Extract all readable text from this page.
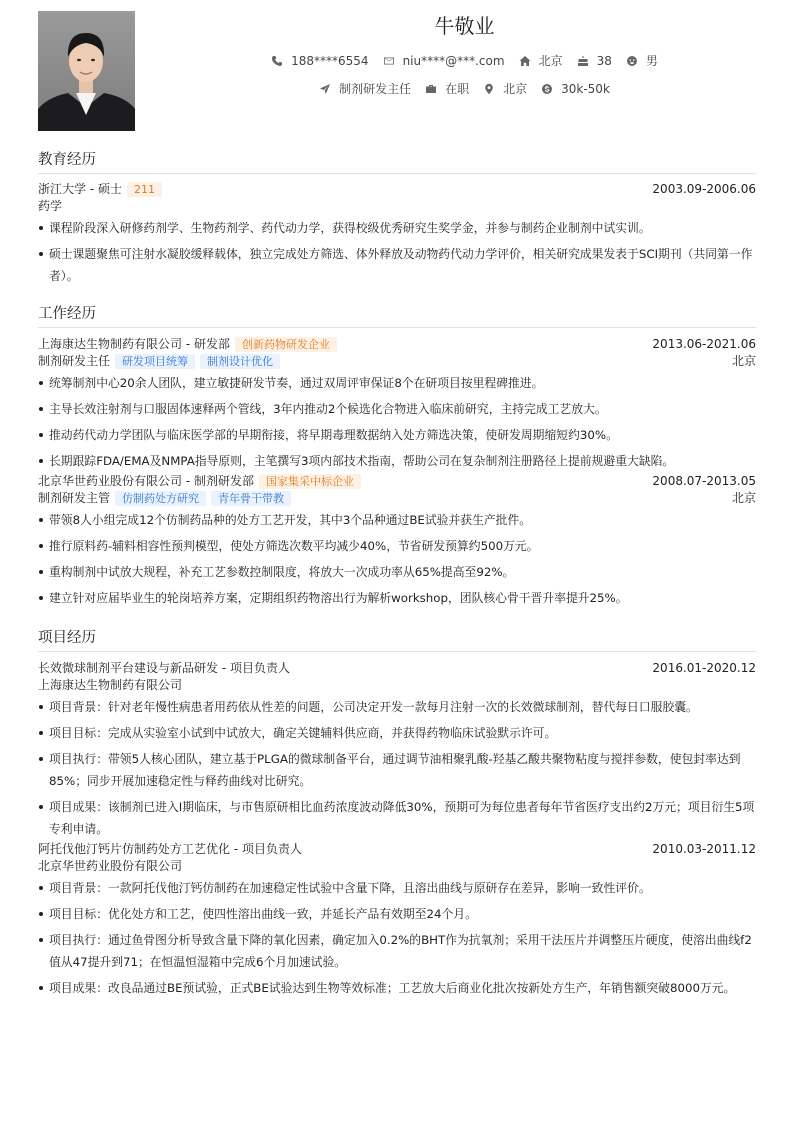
牛敬业
188****6554	niu****@***.com	北京	38	男
制剂研发主任	在职	北京	30k-50k
教育经历
浙江大学 - 硕士	211	2003.09-2006.06
药学
课程阶段深入研修药剂学、生物药剂学、药代动力学，获得校级优秀研究生奖学金，并参与制药企业制剂中试实训。
硕士课题聚焦可注射水凝胶缓释载体，独立完成处方筛选、体外释放及动物药代动力学评价，相关研究成果发表于SCI期刊（共同第一作者）。
工作经历
上海康达生物制药有限公司 - 研发部	创新药物研发企业	2013.06-2021.06
制剂研发主任	研发项目统筹	制剂设计优化	北京
统筹制剂中心20余人团队，建立敏捷研发节奏，通过双周评审保证8个在研项目按里程碑推进。
主导长效注射剂与口服固体速释两个管线，3年内推动2个候选化合物进入临床前研究，主持完成工艺放大。
推动药代动力学团队与临床医学部的早期衔接，将早期毒理数据纳入处方筛选决策，使研发周期缩短约30%。
长期跟踪FDA/EMA及NMPA指导原则，主笔撰写3项内部技术指南，帮助公司在复杂制剂注册路径上提前规避重大缺陷。
北京华世药业股份有限公司 - 制剂研发部	国家集采中标企业	2008.07-2013.05
制剂研发主管	仿制药处方研究	青年骨干带教	北京
带领8人小组完成12个仿制药品种的处方工艺开发，其中3个品种通过BE试验并获生产批件。
推行原料药-辅料相容性预判模型，使处方筛选次数平均减少40%，节省研发预算约500万元。
重构制剂中试放大规程，补充工艺参数控制限度，将放大一次成功率从65%提高至92%。
建立针对应届毕业生的轮岗培养方案，定期组织药物溶出行为解析workshop，团队核心骨干晋升率提升25%。
项目经历
长效微球制剂平台建设与新品研发 - 项目负责人	2016.01-2020.12
上海康达生物制药有限公司
项目背景：针对老年慢性病患者用药依从性差的问题，公司决定开发一款每月注射一次的长效微球制剂，替代每日口服胶囊。
项目目标：完成从实验室小试到中试放大，确定关键辅料供应商，并获得药物临床试验默示许可。
项目执行：带领5人核心团队，建立基于PLGA的微球制备平台，通过调节油相聚乳酸-羟基乙酸共聚物粘度与搅拌参数，使包封率达到85%；同步开展加速稳定性与释药曲线对比研究。
项目成果：该制剂已进入I期临床，与市售原研相比血药浓度波动降低30%，预期可为每位患者每年节省医疗支出约2万元；项目衍生5项专利申请。
阿托伐他汀钙片仿制药处方工艺优化 - 项目负责人	2010.03-2011.12
北京华世药业股份有限公司
项目背景：一款阿托伐他汀钙仿制药在加速稳定性试验中含量下降，且溶出曲线与原研存在差异，影响一致性评价。
项目目标：优化处方和工艺，使四性溶出曲线一致，并延长产品有效期至24个月。
项目执行：通过鱼骨图分析导致含量下降的氧化因素，确定加入0.2%的BHT作为抗氧剂；采用干法压片并调整压片硬度，使溶出曲线f2值从47提升到71；在恒温恒湿箱中完成6个月加速试验。
项目成果：改良品通过BE预试验，正式BE试验达到生物等效标准；工艺放大后商业化批次按新处方生产，年销售额突破8000万元。
